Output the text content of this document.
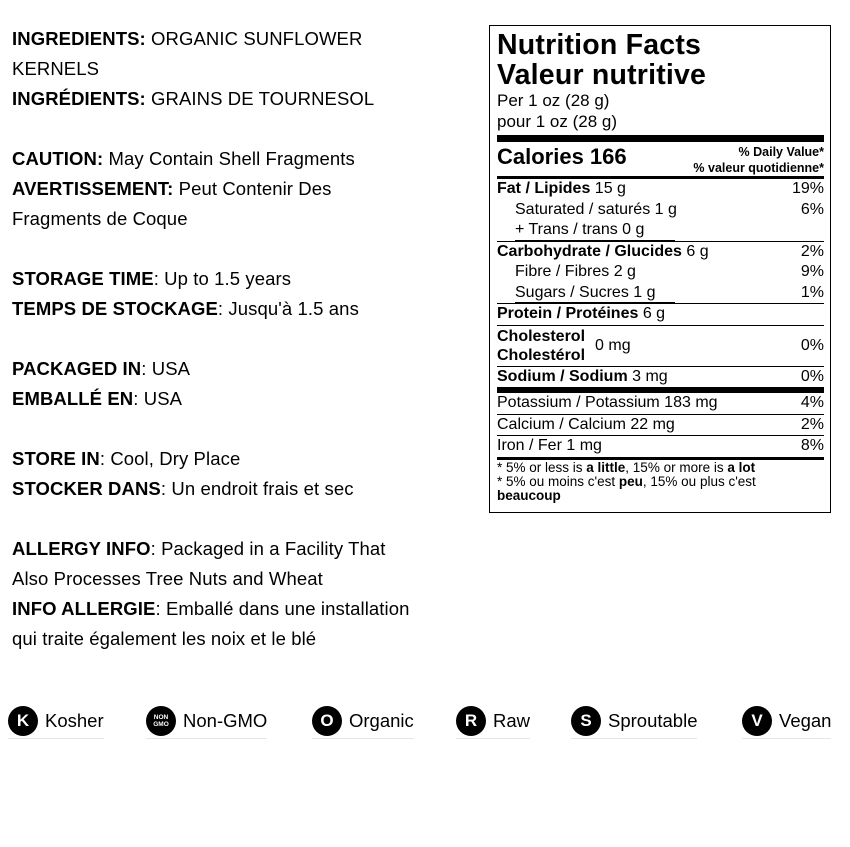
INGREDIENTS: ORGANIC SUNFLOWER
KERNELS
INGRÉDIENTS: GRAINS DE TOURNESOL
CAUTION: May Contain Shell Fragments
AVERTISSEMENT: Peut Contenir Des
Fragments de Coque
STORAGE TIME: Up to 1.5 years
TEMPS DE STOCKAGE: Jusqu'à 1.5 ans
PACKAGED IN: USA
EMBALLÉ EN: USA
STORE IN: Cool, Dry Place
STOCKER DANS: Un endroit frais et sec
ALLERGY INFO: Packaged in a Facility That
Also Processes Tree Nuts and Wheat
INFO ALLERGIE: Emballé dans une installation
qui traite également les noix et le blé
Nutrition Facts
Valeur nutritive
Per 1 oz (28 g)
pour 1 oz (28 g)
Calories 166	% Daily Value*
% valeur quotidienne*
Fat / Lipides 15 g	19%
Saturated / saturés 1 g	6%
+ Trans / trans 0 g
Carbohydrate / Glucides 6 g	2%
Fibre / Fibres 2 g	9%
Sugars / Sucres 1 g	1%
Protein / Protéines 6 g
Cholesterol
Cholestérol
0 mg	0%
Sodium / Sodium 3 mg	0%
Potassium / Potassium 183 mg	4%
Calcium / Calcium 22 mg	2%
Iron / Fer 1 mg	8%
* 5% or less is a little, 15% or more is a lot
* 5% ou moins c'est peu, 15% ou plus c'est
beaucoup
K Kosher	NON
GMO Non-GMO	O Organic	R Raw	S Sproutable	V Vegan
